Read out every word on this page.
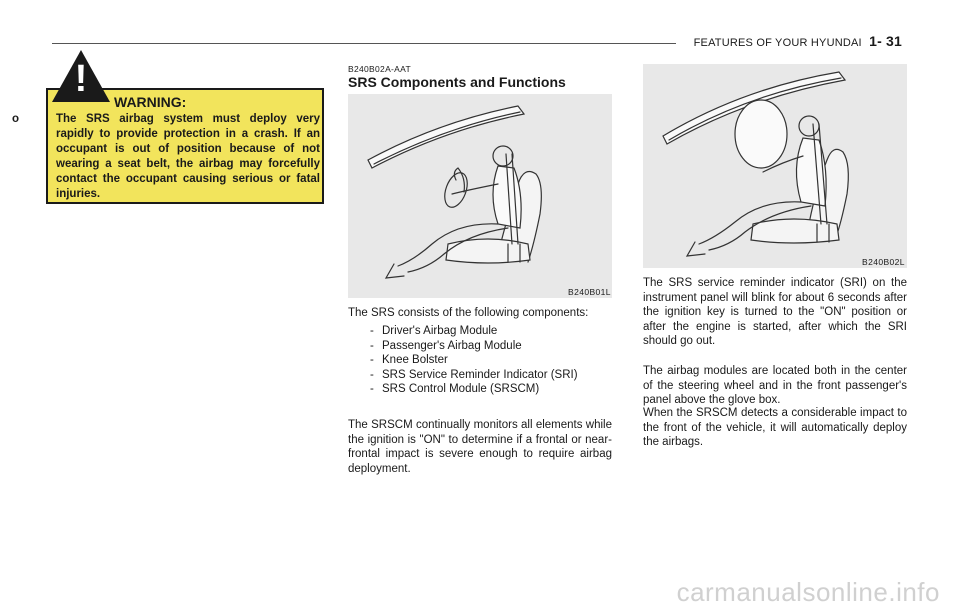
FEATURES OF YOUR HYUNDAI 1- 31
!
WARNING:
o	The SRS airbag system must deploy very rapidly to provide protection in a crash. If an occupant is out of position because of not wearing a seat belt, the airbag may forcefully contact the occupant causing serious or fatal injuries.
B240B02A-AAT
SRS Components and Functions
B240B01L
The SRS consists of the following components:
- Driver's Airbag Module
- Passenger's Airbag Module
- Knee Bolster
- SRS Service Reminder Indicator (SRI)
- SRS Control Module (SRSCM)
The SRSCM continually monitors all elements while the ignition is "ON" to determine if a frontal or near-frontal impact is severe enough to require airbag deployment.
B240B02L
The SRS service reminder indicator (SRI) on the instrument panel will blink for about 6 seconds after the ignition key is turned to the "ON" position or after the engine is started, after which the SRI should go out.
The airbag modules are located both in the center of the steering wheel and in the front passenger's panel above the glove box.
When the SRSCM detects a considerable impact to the front of the vehicle, it will automatically deploy the airbags.
carmanualsonline.info
